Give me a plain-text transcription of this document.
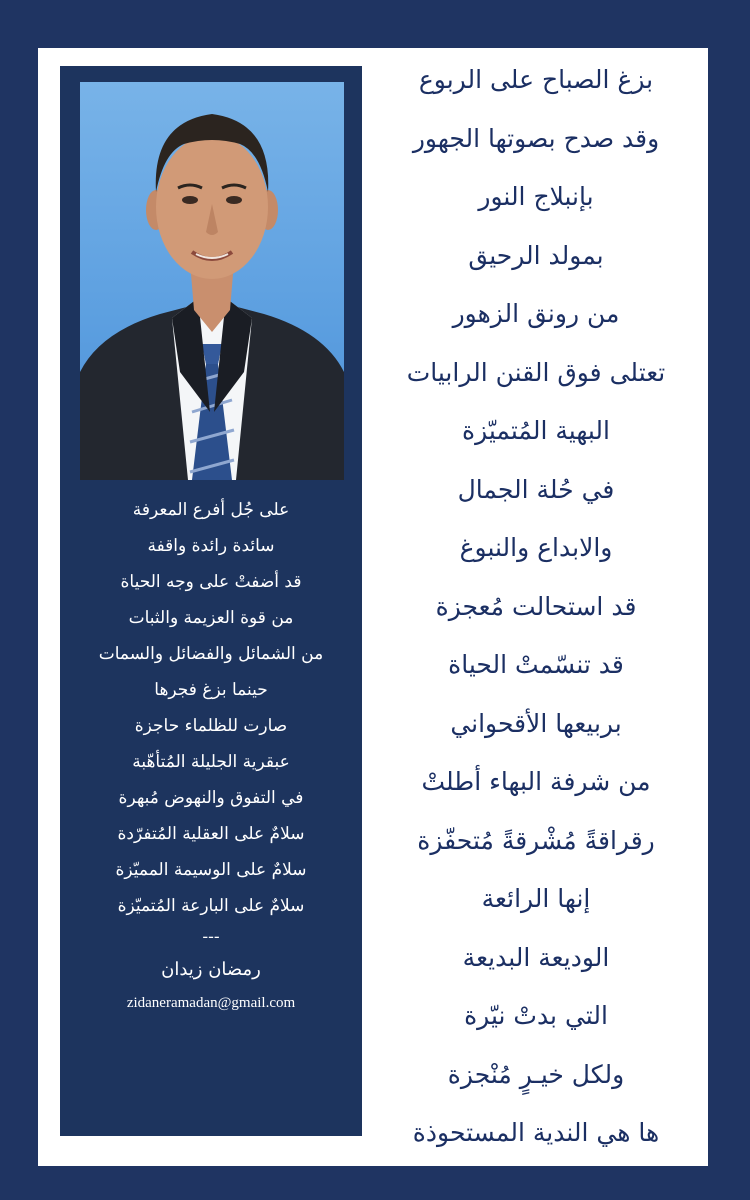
على جُل أفرع المعرفة
سائدة رائدة واقفة
قد أضفتْ على وجه الحياة
من قوة العزيمة والثبات
من الشمائل والفضائل والسمات
حينما بزغ فجرها
صارت للظلماء حاجزة
عبقرية الجليلة المُتأهّبة
في التفوق والنهوض مُبهرة
سلامٌ على العقلية المُتفرّدة
سلامٌ على الوسيمة المميّزة
سلامٌ على البارعة المُتميّزة
---
رمضان زيدان
zidaneramadan@gmail.com
بزغ الصباح على الربوع
وقد صدح بصوتها الجهور
بإنبلاج النور
بمولد الرحيق
من رونق الزهور
تعتلى فوق القنن الرابيات
البهية المُتميّزة
في حُلة الجمال
والابداع والنبوغ
قد استحالت مُعجزة
قد تنسّمتْ الحياة
بربيعها الأقحواني
من شرفة البهاء أطلتْ
رقراقةً مُشْرقةً مُتحفّزة
إنها الرائعة
الوديعة البديعة
التي بدتْ نيّرة
ولكل خيـرٍ مُنْجزة
ها هي الندية المستحوذة
